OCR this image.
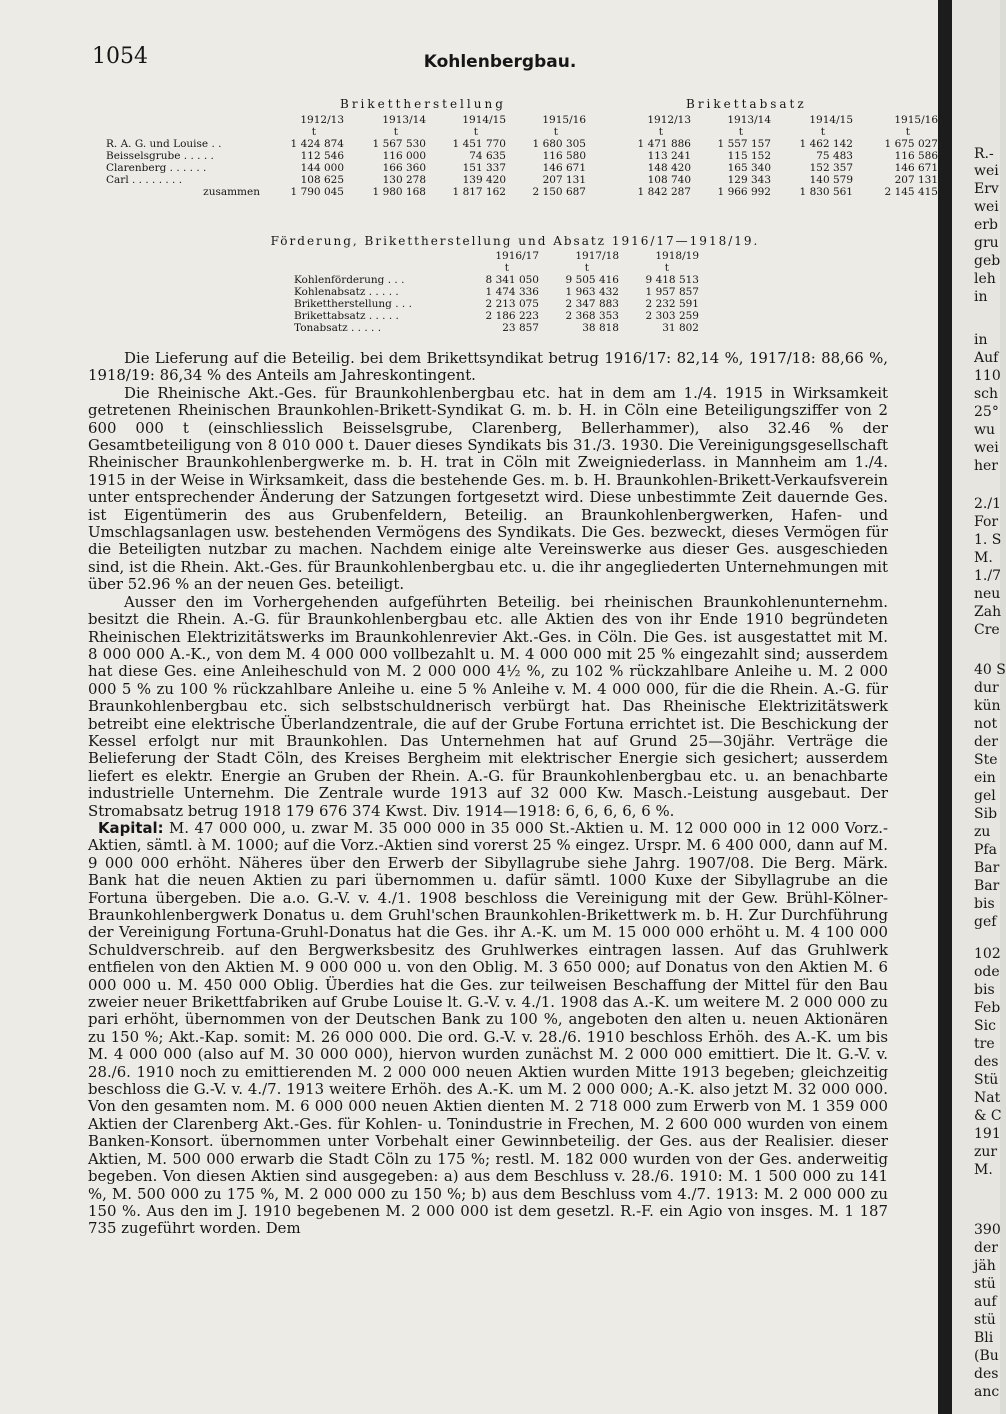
1054	Kohlenbergbau.
Brikettherstellung	Brikettabsatz
	1912/13	1913/14	1914/15	1915/16	1912/13	1913/14	1914/15	1915/16
	t	t	t	t	t	t	t	t
R. A. G. und Louise . .	1 424 874	1 567 530	1 451 770	1 680 305	1 471 886	1 557 157	1 462 142	1 675 027
Beisselsgrube . . . . .	112 546	116 000	74 635	116 580	113 241	115 152	75 483	116 586
Clarenberg . . . . . .	144 000	166 360	151 337	146 671	148 420	165 340	152 357	146 671
Carl . . . . . . . .	108 625	130 278	139 420	207 131	108 740	129 343	140 579	207 131
zusammen	1 790 045	1 980 168	1 817 162	2 150 687	1 842 287	1 966 992	1 830 561	2 145 415
Förderung, Brikettherstellung und Absatz 1916/17—1918/19.
	1916/17	1917/18	1918/19
	t	t	t
Kohlenförderung . . .	8 341 050	9 505 416	9 418 513
Kohlenabsatz . . . . .	1 474 336	1 963 432	1 957 857
Brikettherstellung . . .	2 213 075	2 347 883	2 232 591
Brikettabsatz . . . . .	2 186 223	2 368 353	2 303 259
Tonabsatz . . . . .	23 857	38 818	31 802

Die Lieferung auf die Beteilig. bei dem Brikettsyndikat betrug 1916/17: 82,14 %, 1917/18: 88,66 %, 1918/19: 86,34 % des Anteils am Jahreskontingent.

Die Rheinische Akt.-Ges. für Braunkohlenbergbau etc. hat in dem am 1./4. 1915 in Wirksamkeit getretenen Rheinischen Braunkohlen-Brikett-Syndikat G. m. b. H. in Cöln eine Beteiligungsziffer von 2 600 000 t (einschliesslich Beisselsgrube, Clarenberg, Bellerhammer), also 32.46 % der Gesamtbeteiligung von 8 010 000 t. Dauer dieses Syndikats bis 31./3. 1930. Die Vereinigungsgesellschaft Rheinischer Braunkohlenbergwerke m. b. H. trat in Cöln mit Zweigniederlass. in Mannheim am 1./4. 1915 in der Weise in Wirksamkeit, dass die bestehende Ges. m. b. H. Braunkohlen-Brikett-Verkaufsverein unter entsprechender Änderung der Satzungen fortgesetzt wird. Diese unbestimmte Zeit dauernde Ges. ist Eigentümerin des aus Grubenfeldern, Beteilig. an Braunkohlenbergwerken, Hafen- und Umschlagsanlagen usw. bestehenden Vermögens des Syndikats. Die Ges. bezweckt, dieses Vermögen für die Beteiligten nutzbar zu machen. Nachdem einige alte Vereinswerke aus dieser Ges. ausgeschieden sind, ist die Rhein. Akt.-Ges. für Braunkohlenbergbau etc. u. die ihr angegliederten Unternehmungen mit über 52.96 % an der neuen Ges. beteiligt.

Ausser den im Vorhergehenden aufgeführten Beteilig. bei rheinischen Braunkohlenunternehm. besitzt die Rhein. A.-G. für Braunkohlenbergbau etc. alle Aktien des von ihr Ende 1910 begründeten Rheinischen Elektrizitätswerks im Braunkohlenrevier Akt.-Ges. in Cöln. Die Ges. ist ausgestattet mit M. 8 000 000 A.-K., von dem M. 4 000 000 vollbezahlt u. M. 4 000 000 mit 25 % eingezahlt sind; ausserdem hat diese Ges. eine Anleiheschuld von M. 2 000 000 4½ %, zu 102 % rückzahlbare Anleihe u. M. 2 000 000 5 % zu 100 % rückzahlbare Anleihe u. eine 5 % Anleihe v. M. 4 000 000, für die die Rhein. A.-G. für Braunkohlenbergbau etc. sich selbstschuldnerisch verbürgt hat. Das Rheinische Elektrizitätswerk betreibt eine elektrische Überlandzentrale, die auf der Grube Fortuna errichtet ist. Die Beschickung der Kessel erfolgt nur mit Braunkohlen. Das Unternehmen hat auf Grund 25—30jähr. Verträge die Belieferung der Stadt Cöln, des Kreises Bergheim mit elektrischer Energie sich gesichert; ausserdem liefert es elektr. Energie an Gruben der Rhein. A.-G. für Braunkohlenbergbau etc. u. an benachbarte industrielle Unternehm. Die Zentrale wurde 1913 auf 32 000 Kw. Masch.-Leistung ausgebaut. Der Stromabsatz betrug 1918 179 676 374 Kwst. Div. 1914—1918: 6, 6, 6, 6, 6 %.

Kapital: M. 47 000 000, u. zwar M. 35 000 000 in 35 000 St.-Aktien u. M. 12 000 000 in 12 000 Vorz.-Aktien, sämtl. à M. 1000; auf die Vorz.-Aktien sind vorerst 25 % eingez. Urspr. M. 6 400 000, dann auf M. 9 000 000 erhöht. Näheres über den Erwerb der Sibyllagrube siehe Jahrg. 1907/08. Die Berg. Märk. Bank hat die neuen Aktien zu pari übernommen u. dafür sämtl. 1000 Kuxe der Sibyllagrube an die Fortuna übergeben. Die a.o. G.-V. v. 4./1. 1908 beschloss die Vereinigung mit der Gew. Brühl-Kölner-Braunkohlenbergwerk Donatus u. dem Gruhl'schen Braunkohlen-Brikettwerk m. b. H. Zur Durchführung der Vereinigung Fortuna-Gruhl-Donatus hat die Ges. ihr A.-K. um M. 15 000 000 erhöht u. M. 4 100 000 Schuldverschreib. auf den Bergwerksbesitz des Gruhlwerkes eintragen lassen. Auf das Gruhlwerk entfielen von den Aktien M. 9 000 000 u. von den Oblig. M. 3 650 000; auf Donatus von den Aktien M. 6 000 000 u. M. 450 000 Oblig. Überdies hat die Ges. zur teilweisen Beschaffung der Mittel für den Bau zweier neuer Brikettfabriken auf Grube Louise lt. G.-V. v. 4./1. 1908 das A.-K. um weitere M. 2 000 000 zu pari erhöht, übernommen von der Deutschen Bank zu 100 %, angeboten den alten u. neuen Aktionären zu 150 %; Akt.-Kap. somit: M. 26 000 000. Die ord. G.-V. v. 28./6. 1910 beschloss Erhöh. des A.-K. um bis M. 4 000 000 (also auf M. 30 000 000), hiervon wurden zunächst M. 2 000 000 emittiert. Die lt. G.-V. v. 28./6. 1910 noch zu emittierenden M. 2 000 000 neuen Aktien wurden Mitte 1913 begeben; gleichzeitig beschloss die G.-V. v. 4./7. 1913 weitere Erhöh. des A.-K. um M. 2 000 000; A.-K. also jetzt M. 32 000 000. Von den gesamten nom. M. 6 000 000 neuen Aktien dienten M. 2 718 000 zum Erwerb von M. 1 359 000 Aktien der Clarenberg Akt.-Ges. für Kohlen- u. Tonindustrie in Frechen, M. 2 600 000 wurden von einem Banken-Konsort. übernommen unter Vorbehalt einer Gewinnbeteilig. der Ges. aus der Realisier. dieser Aktien, M. 500 000 erwarb die Stadt Cöln zu 175 %; restl. M. 182 000 wurden von der Ges. anderweitig begeben. Von diesen Aktien sind ausgegeben: a) aus dem Beschluss v. 28./6. 1910: M. 1 500 000 zu 141 %, M. 500 000 zu 175 %, M. 2 000 000 zu 150 %; b) aus dem Beschluss vom 4./7. 1913: M. 2 000 000 zu 150 %. Aus den im J. 1910 begebenen M. 2 000 000 ist dem gesetzl. R.-F. ein Agio von insges. M. 1 187 735 zugeführt worden. Dem

R.-
wei
Erv
wei
erb
gru
geb
leh
in
in
Auf
110
sch
25°
wu
wei
her
2./1
For
1. S
M.
1./7
neu
Zah
Cre
40 S
dur
kün
not
der
Ste
ein
gel
Sib
zu
Pfa
Bar
Bar
bis
gef
102
ode
bis
Feb
Sic
tre
des
Stü
Nat
& C
191
zur
M.
390
der
jäh
stü
auf
stü
Bli
(Bu
des
anc
